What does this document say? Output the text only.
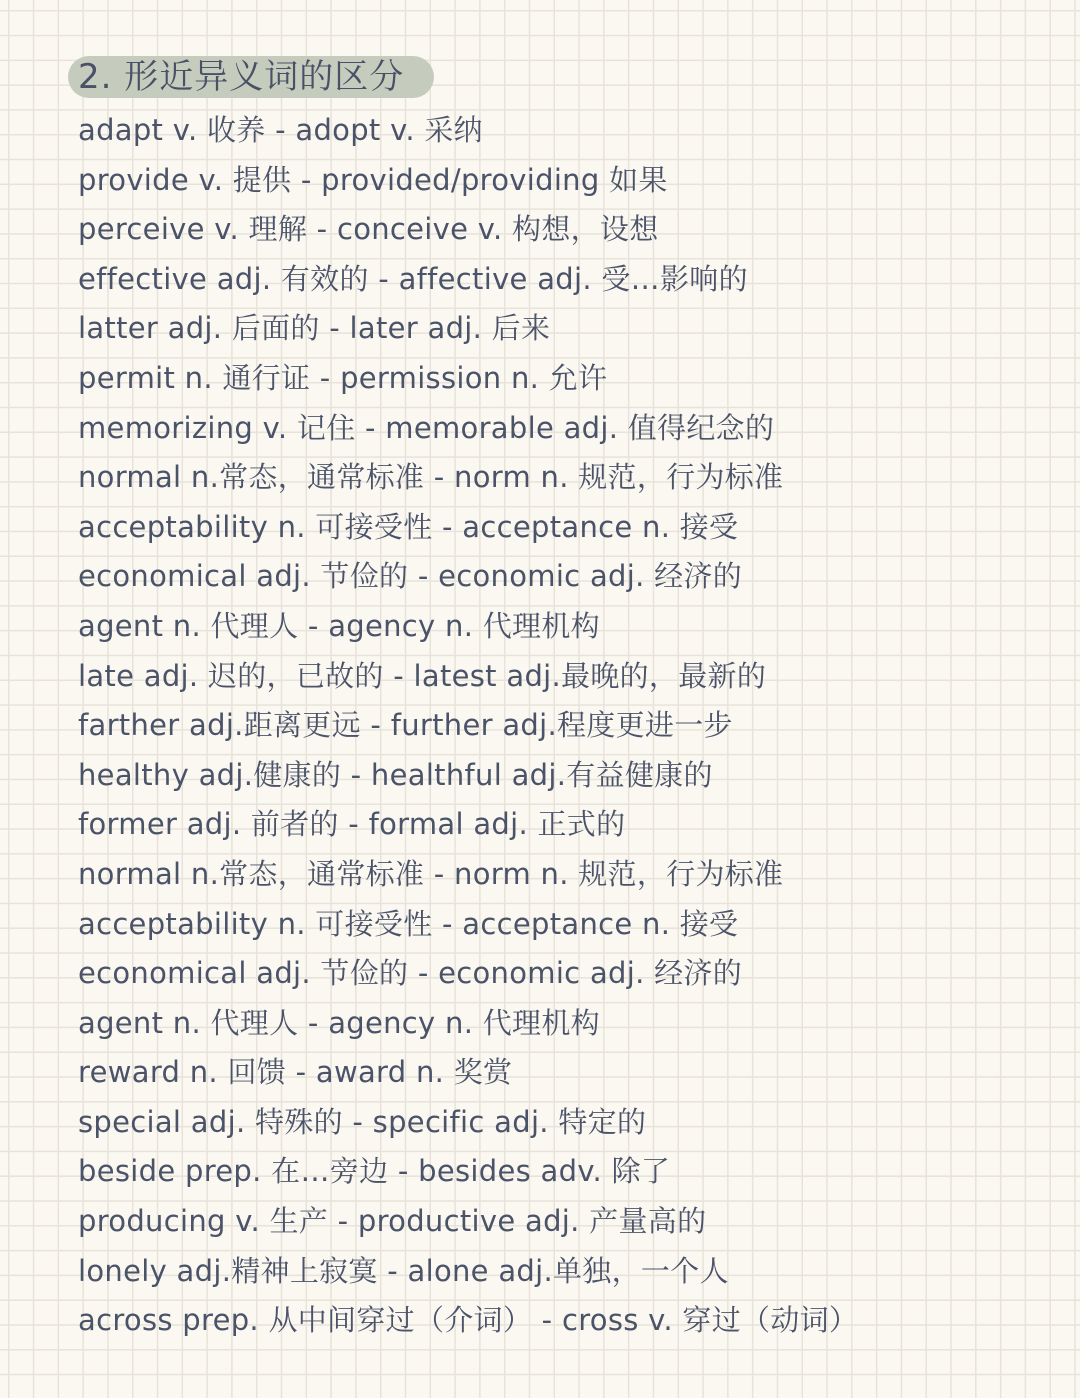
2. 形近异义词的区分
adapt v. 收养 - adopt v. 采纳
provide v. 提供 - provided/providing 如果
perceive v. 理解 - conceive v. 构想，设想
effective adj. 有效的 - affective adj. 受…影响的
latter adj. 后面的 - later adj. 后来
permit n. 通行证 - permission n. 允许
memorizing v. 记住 - memorable adj. 值得纪念的
normal n.常态，通常标准 - norm n. 规范，行为标准
acceptability n. 可接受性 - acceptance n. 接受
economical adj. 节俭的 - economic adj. 经济的
agent n. 代理人 - agency n. 代理机构
late adj. 迟的，已故的 - latest adj.最晚的，最新的
farther adj.距离更远 - further adj.程度更进一步
healthy adj.健康的 - healthful adj.有益健康的
former adj. 前者的 - formal adj. 正式的
normal n.常态，通常标准 - norm n. 规范，行为标准
acceptability n. 可接受性 - acceptance n. 接受
economical adj. 节俭的 - economic adj. 经济的
agent n. 代理人 - agency n. 代理机构
reward n. 回馈 - award n. 奖赏
special adj. 特殊的 - specific adj. 特定的
beside prep. 在…旁边 - besides adv. 除了
producing v. 生产 - productive adj. 产量高的
lonely adj.精神上寂寞 - alone adj.单独，一个人
across prep. 从中间穿过（介词） - cross v. 穿过（动词）
